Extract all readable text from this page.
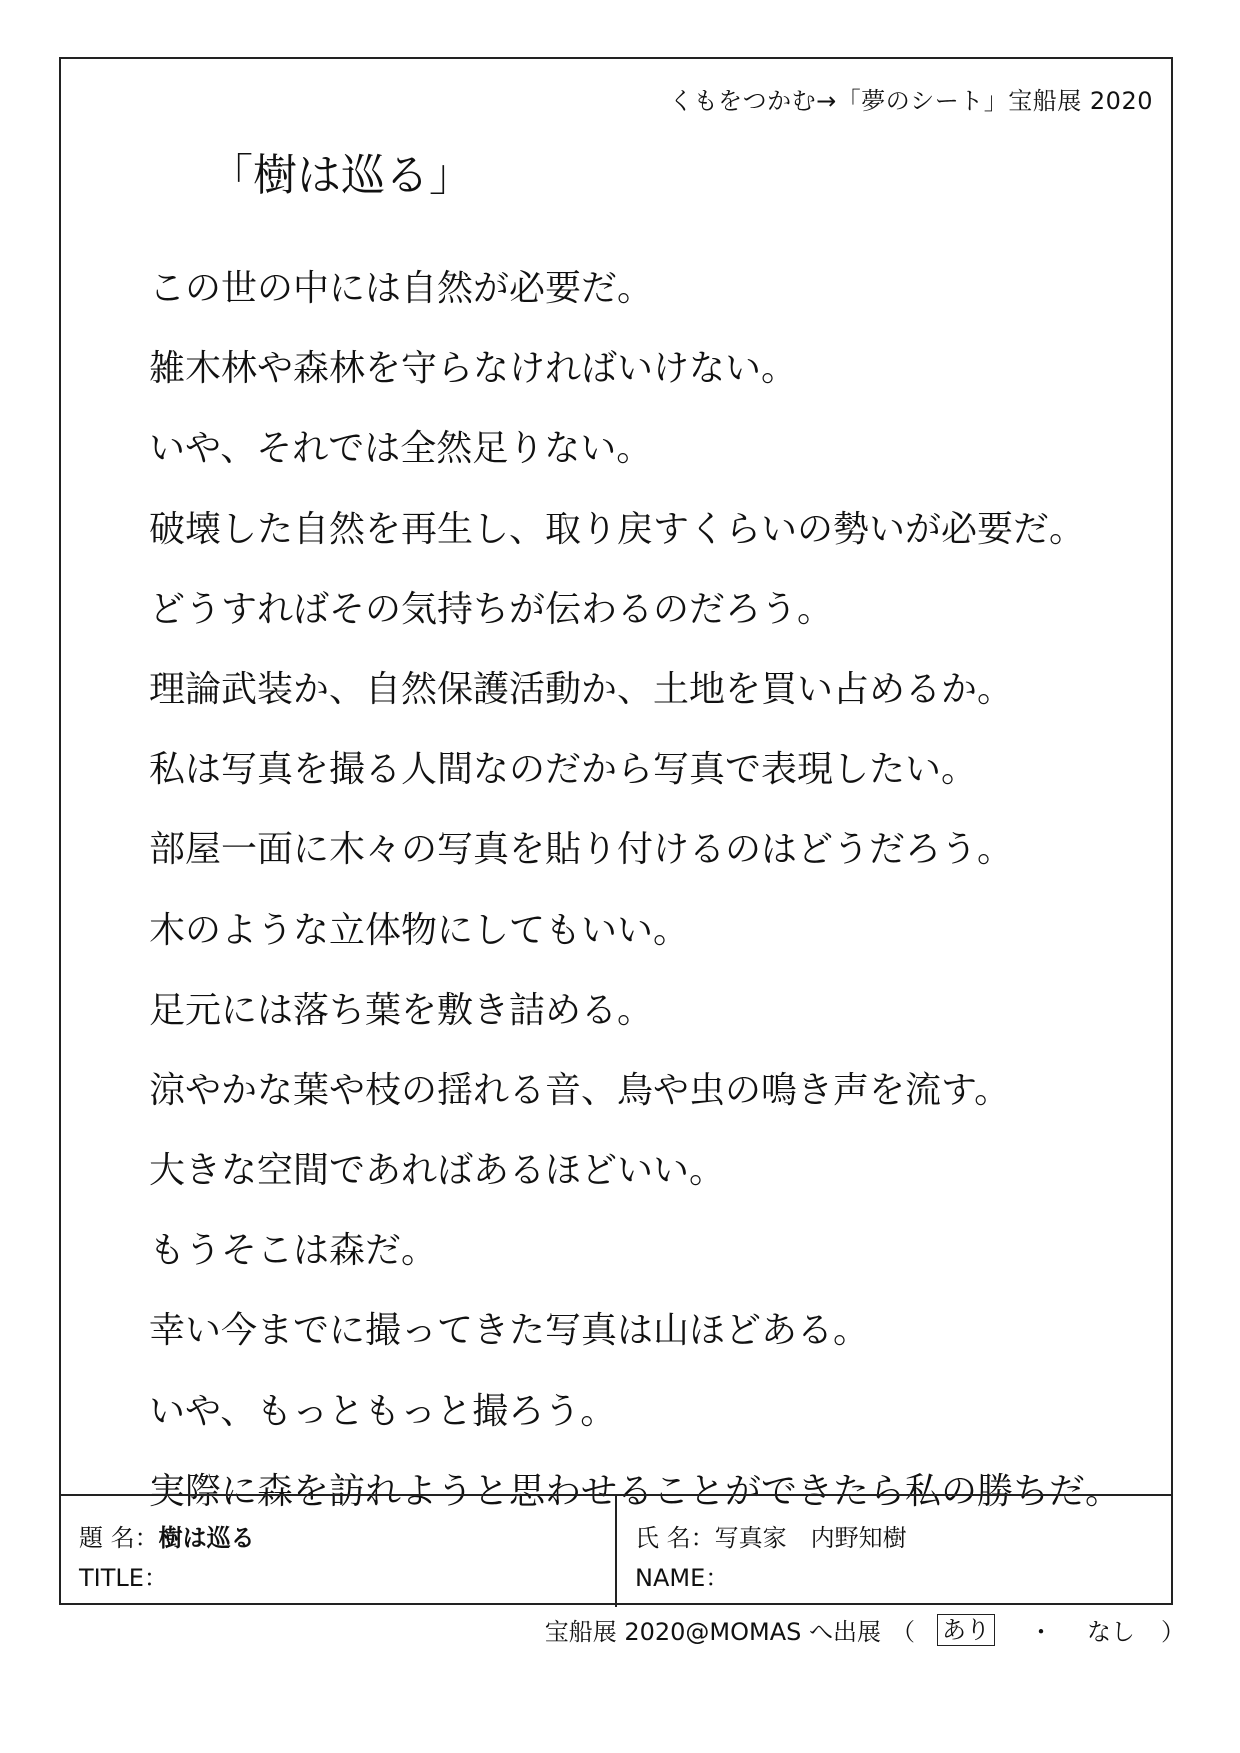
くもをつかむ→「夢のシート」宝船展 2020
「樹は巡る」
この世の中には自然が必要だ。
雑木林や森林を守らなければいけない。
いや、それでは全然足りない。
破壊した自然を再生し、取り戻すくらいの勢いが必要だ。
どうすればその気持ちが伝わるのだろう。
理論武装か、自然保護活動か、土地を買い占めるか。
私は写真を撮る人間なのだから写真で表現したい。
部屋一面に木々の写真を貼り付けるのはどうだろう。
木のような立体物にしてもいい。
足元には落ち葉を敷き詰める。
涼やかな葉や枝の揺れる音、鳥や虫の鳴き声を流す。
大きな空間であればあるほどいい。
もうそこは森だ。
幸い今までに撮ってきた写真は山ほどある。
いや、もっともっと撮ろう。
実際に森を訪れようと思わせることができたら私の勝ちだ。
題 名： 樹は巡る
TITLE：
氏 名： 写真家　内野知樹
NAME：
宝船展 2020@MOMAS へ出展 （ あり ・ なし ）
